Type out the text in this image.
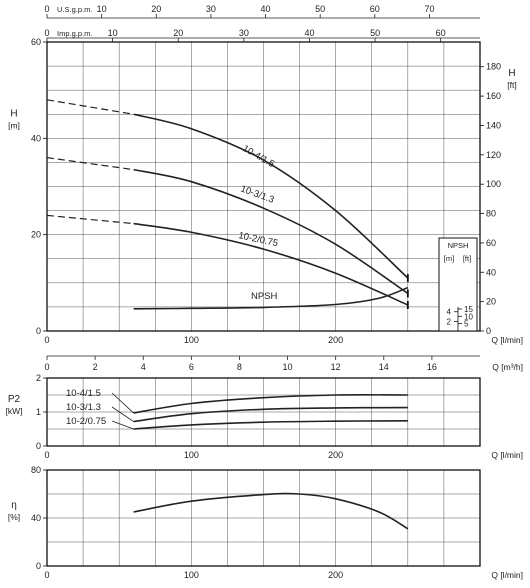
0	10	20	30	40	50	60	70
U.S.g.p.m.
0	10	20	30	40	50	60
Imp.g.p.m.
0
20
40
60
0	100	200	Q [l/min]
H
[m]
10-4/1.5
10-3/1.3
10-2/0.75
NPSH
0
20
40
60
80
100
120
140
160
180
H
[ft]
NPSH
[m] [ft]
2
4
5
10
15
0	2	4	6	8	10	12	14	16	Q [m³/h]
0
1
2
0	100	200	Q [l/min]
P2
[kW]
10-4/1.5
10-3/1.3
10-2/0.75
0
40
80
0	100	200	Q [l/min]
η
[%]
